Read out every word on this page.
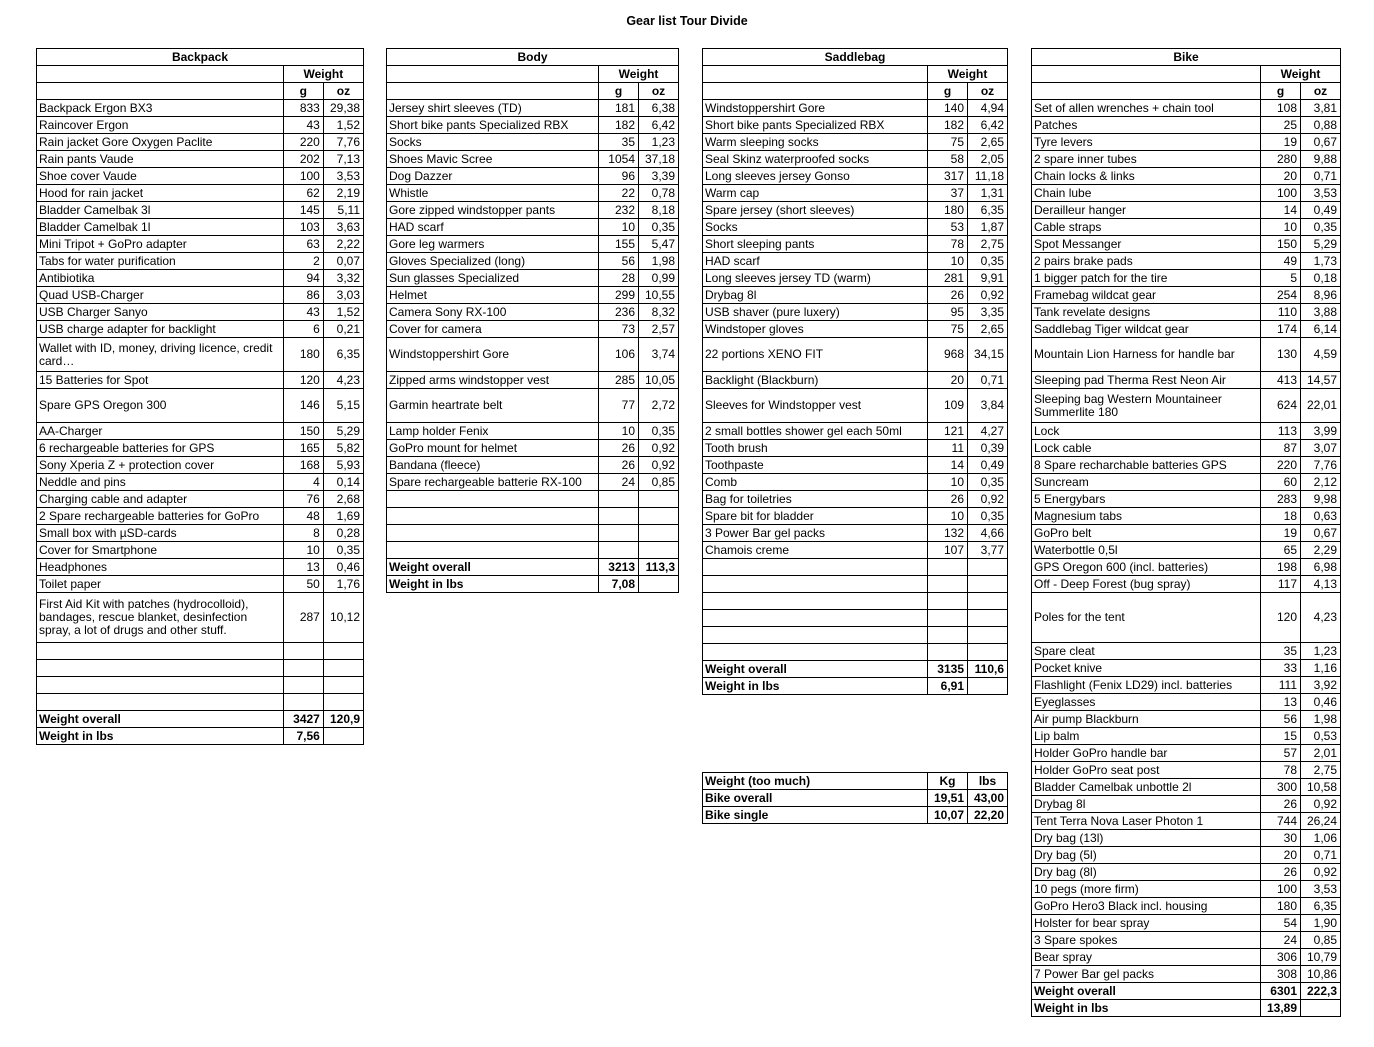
Gear list Tour Divide
Backpack		
	Weight	
	g	oz
Backpack Ergon BX3	833	29,38
Raincover Ergon	43	1,52
Rain jacket Gore Oxygen Paclite	220	7,76
Rain pants Vaude	202	7,13
Shoe cover Vaude	100	3,53
Hood for rain jacket	62	2,19
Bladder Camelbak 3l	145	5,11
Bladder Camelbak 1l	103	3,63
Mini Tripot + GoPro adapter	63	2,22
Tabs for water purification	2	0,07
Antibiotika	94	3,32
Quad USB-Charger	86	3,03
USB Charger Sanyo	43	1,52
USB charge adapter for backlight	6	0,21
Wallet with ID, money, driving licence, credit card…	180	6,35
15 Batteries for Spot	120	4,23
Spare GPS Oregon 300	146	5,15
AA-Charger	150	5,29
6 rechargeable batteries for GPS	165	5,82
Sony Xperia Z + protection cover	168	5,93
Neddle and pins	4	0,14
Charging cable and adapter	76	2,68
2 Spare rechargeable batteries for GoPro	48	1,69
Small box with µSD-cards	8	0,28
Cover for Smartphone	10	0,35
Headphones	13	0,46
Toilet paper	50	1,76
First Aid Kit with patches (hydrocolloid), bandages, rescue blanket, desinfection spray, a lot of drugs and other stuff.	287	10,12

Weight overall	3427	120,9
Weight in lbs	7,56	
Body		
	Weight	
	g	oz
Jersey shirt sleeves (TD)	181	6,38
Short bike pants Specialized RBX	182	6,42
Socks	35	1,23
Shoes Mavic Scree	1054	37,18
Dog Dazzer	96	3,39
Whistle	22	0,78
Gore zipped windstopper pants	232	8,18
HAD scarf	10	0,35
Gore leg warmers	155	5,47
Gloves Specialized (long)	56	1,98
Sun glasses Specialized	28	0,99
Helmet	299	10,55
Camera Sony RX-100	236	8,32
Cover for camera	73	2,57
Windstoppershirt Gore	106	3,74
Zipped arms windstopper vest	285	10,05
Garmin heartrate belt	77	2,72
Lamp holder Fenix	10	0,35
GoPro mount for helmet	26	0,92
Bandana (fleece)	26	0,92
Spare rechargeable batterie RX-100	24	0,85

Weight overall	3213	113,3
Weight in lbs	7,08	
Saddlebag		
	Weight	
	g	oz
Windstoppershirt Gore	140	4,94
Short bike pants Specialized RBX	182	6,42
Warm sleeping socks	75	2,65
Seal Skinz waterproofed socks	58	2,05
Long sleeves jersey Gonso	317	11,18
Warm cap	37	1,31
Spare jersey (short sleeves)	180	6,35
Socks	53	1,87
Short sleeping pants	78	2,75
HAD scarf	10	0,35
Long sleeves jersey TD (warm)	281	9,91
Drybag 8l	26	0,92
USB shaver (pure luxery)	95	3,35
Windstoper gloves	75	2,65
22 portions XENO FIT	968	34,15
Backlight (Blackburn)	20	0,71
Sleeves for Windstopper vest	109	3,84
2 small bottles shower gel each 50ml	121	4,27
Tooth brush	11	0,39
Toothpaste	14	0,49
Comb	10	0,35
Bag for toiletries	26	0,92
Spare bit for bladder	10	0,35
3 Power Bar gel packs	132	4,66
Chamois creme	107	3,77

Weight overall	3135	110,6
Weight in lbs	6,91	
Bike		
	Weight	
	g	oz
Set of allen wrenches + chain tool	108	3,81
Patches	25	0,88
Tyre levers	19	0,67
2 spare inner tubes	280	9,88
Chain locks & links	20	0,71
Chain lube	100	3,53
Derailleur hanger	14	0,49
Cable straps	10	0,35
Spot Messanger	150	5,29
2 pairs brake pads	49	1,73
1 bigger patch for the tire	5	0,18
Framebag wildcat gear	254	8,96
Tank revelate designs	110	3,88
Saddlebag Tiger wildcat gear	174	6,14
Mountain Lion Harness for handle bar	130	4,59
Sleeping pad Therma Rest Neon Air	413	14,57
Sleeping bag Western Mountaineer Summerlite 180	624	22,01
Lock	113	3,99
Lock cable	87	3,07
8 Spare recharchable batteries GPS	220	7,76
Suncream	60	2,12
5 Energybars	283	9,98
Magnesium tabs	18	0,63
GoPro belt	19	0,67
Waterbottle 0,5l	65	2,29
GPS Oregon 600 (incl. batteries)	198	6,98
Off - Deep Forest (bug spray)	117	4,13
Poles for the tent	120	4,23
Spare cleat	35	1,23
Pocket knive	33	1,16
Flashlight (Fenix LD29) incl. batteries	111	3,92
Eyeglasses	13	0,46
Air pump Blackburn	56	1,98
Lip balm	15	0,53
Holder GoPro handle bar	57	2,01
Holder GoPro seat post	78	2,75
Bladder Camelbak unbottle 2l	300	10,58
Drybag 8l	26	0,92
Tent Terra Nova Laser Photon 1	744	26,24
Dry bag (13l)	30	1,06
Dry bag (5l)	20	0,71
Dry bag (8l)	26	0,92
10 pegs (more firm)	100	3,53
GoPro Hero3 Black incl. housing	180	6,35
Holster for bear spray	54	1,90
3 Spare spokes	24	0,85
Bear spray	306	10,79
7 Power Bar gel packs	308	10,86
Weight overall	6301	222,3
Weight in lbs	13,89	
Weight (too much)	Kg	lbs
Bike overall	19,51	43,00
Bike single	10,07	22,20
